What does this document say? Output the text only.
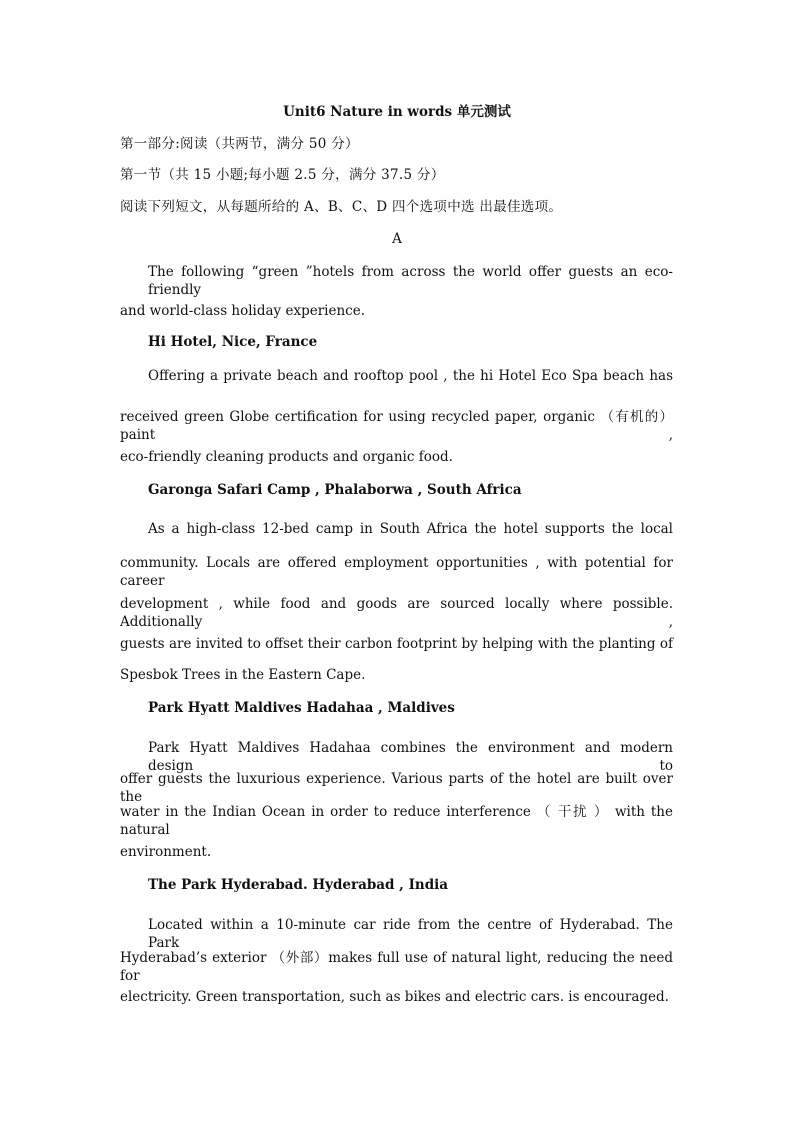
Unit6 Nature in words 单元测试
第一部分:阅读（共两节，满分 50 分）
第一节（共 15 小题;每小题 2.5 分，满分 37.5 分）
阅读下列短文，从每题所给的 A、B、C、D 四个选项中选 出最佳选项。
A
The following “green ”hotels from across the world offer guests an eco-friendly
and world-class holiday experience.
Hi Hotel, Nice, France
Offering a private beach and rooftop pool , the hi Hotel Eco Spa beach has
received green Globe certification for using recycled paper, organic （有机的）paint ,
eco-friendly cleaning products and organic food.
Garonga Safari Camp , Phalaborwa , South Africa
As a high-class 12-bed camp in South Africa the hotel supports the local
community. Locals are offered employment opportunities , with potential for career
development , while food and goods are sourced locally where possible. Additionally ,
guests are invited to offset their carbon footprint by helping with the planting of
Spesbok Trees in the Eastern Cape.
Park Hyatt Maldives Hadahaa , Maldives
Park Hyatt Maldives Hadahaa combines the environment and modern design to
offer guests the luxurious experience. Various parts of the hotel are built over the
water in the Indian Ocean in order to reduce interference （ 干扰 ） with the natural
environment.
The Park Hyderabad. Hyderabad , India
Located within a 10-minute car ride from the centre of Hyderabad. The Park
Hyderabad’s exterior （外部）makes full use of natural light, reducing the need for
electricity. Green transportation, such as bikes and electric cars. is encouraged.
